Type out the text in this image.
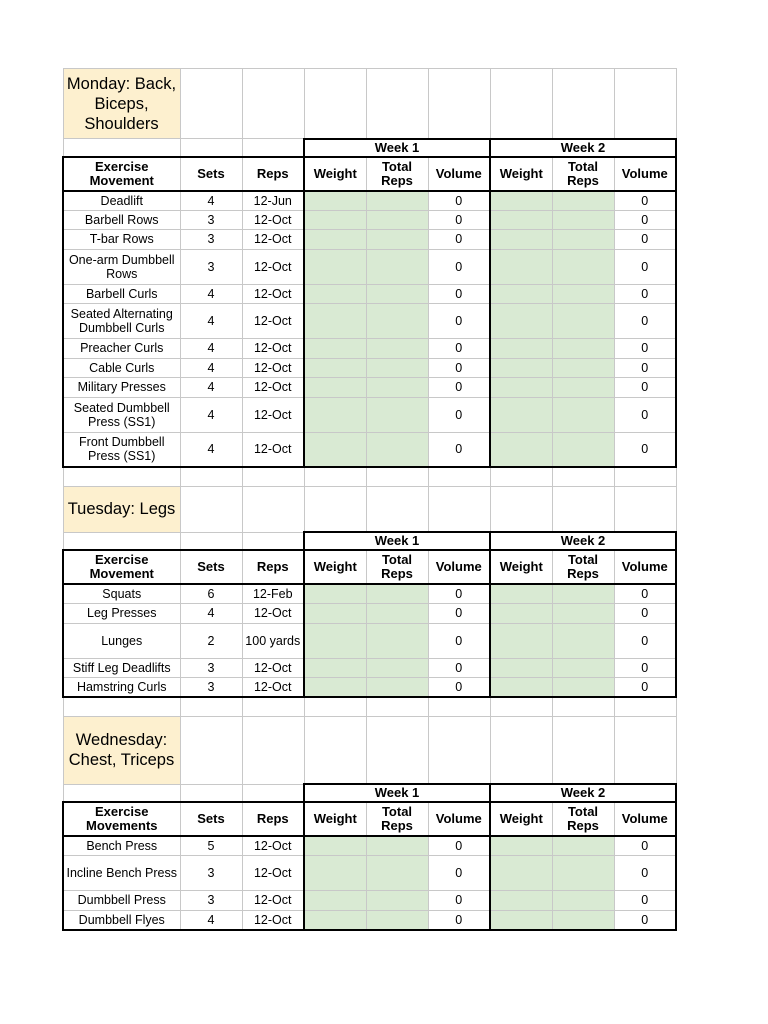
Monday: Back, Biceps, Shoulders								
			Week 1			Week 2		
Exercise Movement	Sets	Reps	Weight	Total Reps	Volume	Weight	Total Reps	Volume
Deadlift	4	12-Jun			0			0
Barbell Rows	3	12-Oct			0			0
T-bar Rows	3	12-Oct			0			0
One-arm Dumbbell Rows	3	12-Oct			0			0
Barbell Curls	4	12-Oct			0			0
Seated Alternating Dumbbell Curls	4	12-Oct			0			0
Preacher Curls	4	12-Oct			0			0
Cable Curls	4	12-Oct			0			0
Military Presses	4	12-Oct			0			0
Seated Dumbbell Press (SS1)	4	12-Oct			0			0
Front Dumbbell Press (SS1)	4	12-Oct			0			0

Tuesday: Legs								
			Week 1			Week 2		
Exercise Movement	Sets	Reps	Weight	Total Reps	Volume	Weight	Total Reps	Volume
Squats	6	12-Feb			0			0
Leg Presses	4	12-Oct			0			0
Lunges	2	100 yards			0			0
Stiff Leg Deadlifts	3	12-Oct			0			0
Hamstring Curls	3	12-Oct			0			0

Wednesday: Chest, Triceps								
			Week 1			Week 2		
Exercise Movements	Sets	Reps	Weight	Total Reps	Volume	Weight	Total Reps	Volume
Bench Press	5	12-Oct			0			0
Incline Bench Press	3	12-Oct			0			0
Dumbbell Press	3	12-Oct			0			0
Dumbbell Flyes	4	12-Oct			0			0
